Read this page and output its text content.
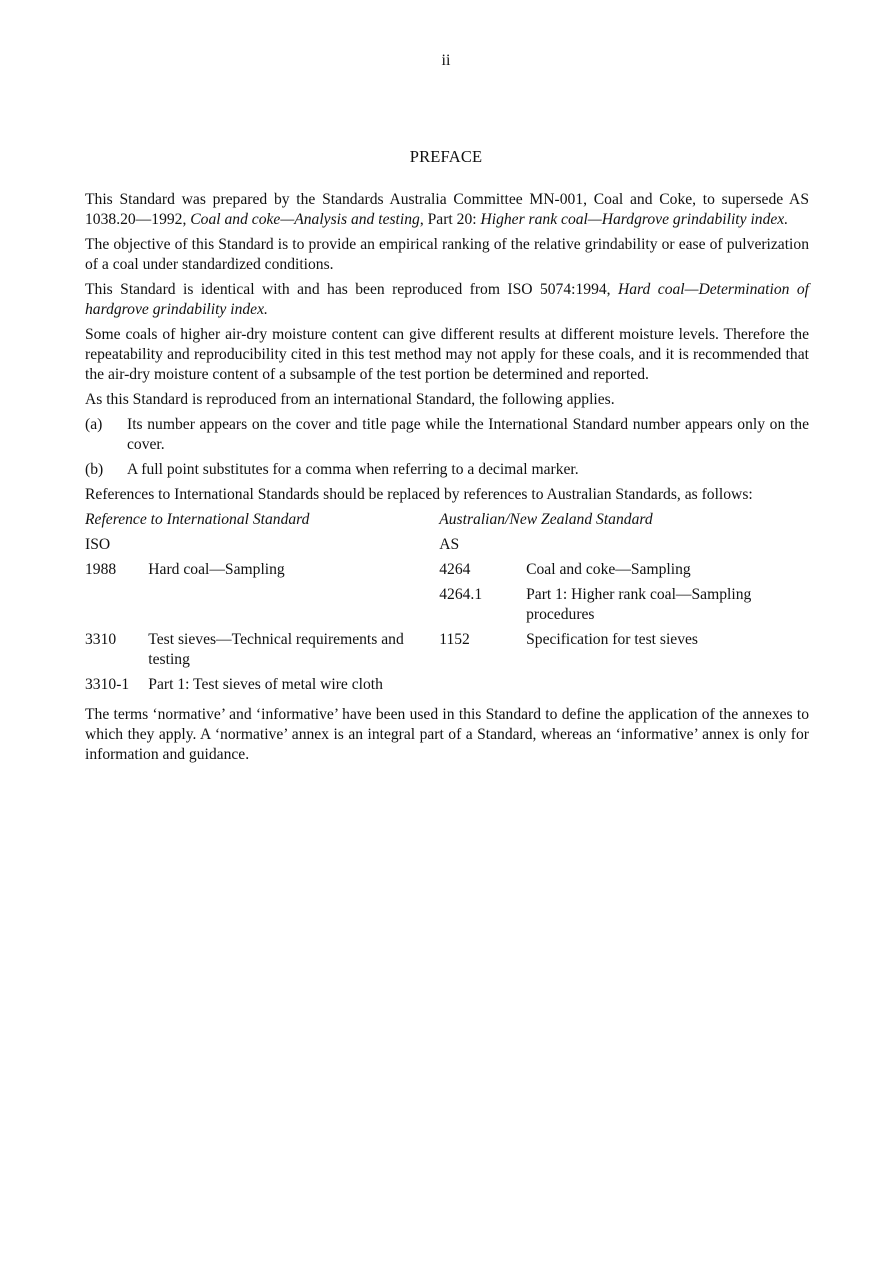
ii
PREFACE

This Standard was prepared by the Standards Australia Committee MN-001, Coal and Coke, to supersede AS 1038.20—1992, Coal and coke—Analysis and testing, Part 20: Higher rank coal—Hardgrove grindability index.

The objective of this Standard is to provide an empirical ranking of the relative grindability or ease of pulverization of a coal under standardized conditions.

This Standard is identical with and has been reproduced from ISO 5074:1994, Hard coal—Determination of hardgrove grindability index.

Some coals of higher air-dry moisture content can give different results at different moisture levels. Therefore the repeatability and reproducibility cited in this test method may not apply for these coals, and it is recommended that the air-dry moisture content of a subsample of the test portion be determined and reported.

As this Standard is reproduced from an international Standard, the following applies.

(a)	Its number appears on the cover and title page while the International Standard number appears only on the cover.
(b)	A full point substitutes for a comma when referring to a decimal marker.

References to International Standards should be replaced by references to Australian Standards, as follows:

Reference to International Standard		Australian/New Zealand Standard	
ISO		AS	
1988	Hard coal—Sampling	4264	Coal and coke—Sampling
		4264.1	Part 1: Higher rank coal—Sampling procedures
3310	Test sieves—Technical requirements and testing	1152	Specification for test sieves
3310-1	Part 1: Test sieves of metal wire cloth		

The terms ‘normative’ and ‘informative’ have been used in this Standard to define the application of the annexes to which they apply. A ‘normative’ annex is an integral part of a Standard, whereas an ‘informative’ annex is only for information and guidance.
